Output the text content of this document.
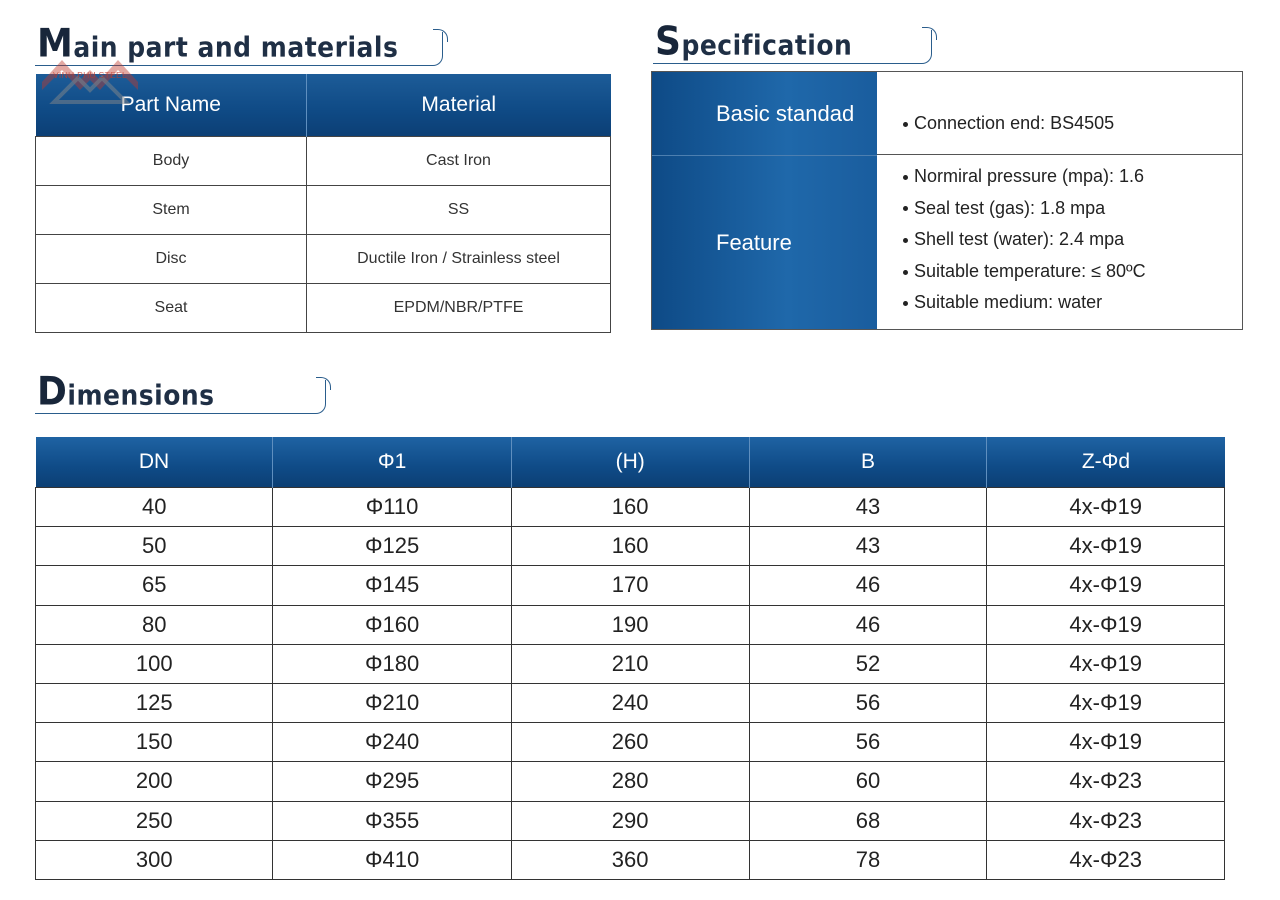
Main part and materials	Specification
Part Name	Material
Body	Cast Iron
Stem	SS
Disc	Ductile Iron / Strainless steel
Seat	EPDM/NBR/PTFE
VINH PHU STEEL
Basic standad	Connection end: BS4505
Feature
Normiral pressure (mpa): 1.6
Seal test (gas): 1.8 mpa
Shell test (water): 2.4 mpa
Suitable temperature: ≤ 80ºC
Suitable medium: water
Dimensions
DN	Φ1	(H)	B	Z-Φd
40	Φ110	160	43	4x-Φ19
50	Φ125	160	43	4x-Φ19
65	Φ145	170	46	4x-Φ19
80	Φ160	190	46	4x-Φ19
100	Φ180	210	52	4x-Φ19
125	Φ210	240	56	4x-Φ19
150	Φ240	260	56	4x-Φ19
200	Φ295	280	60	4x-Φ23
250	Φ355	290	68	4x-Φ23
300	Φ410	360	78	4x-Φ23
